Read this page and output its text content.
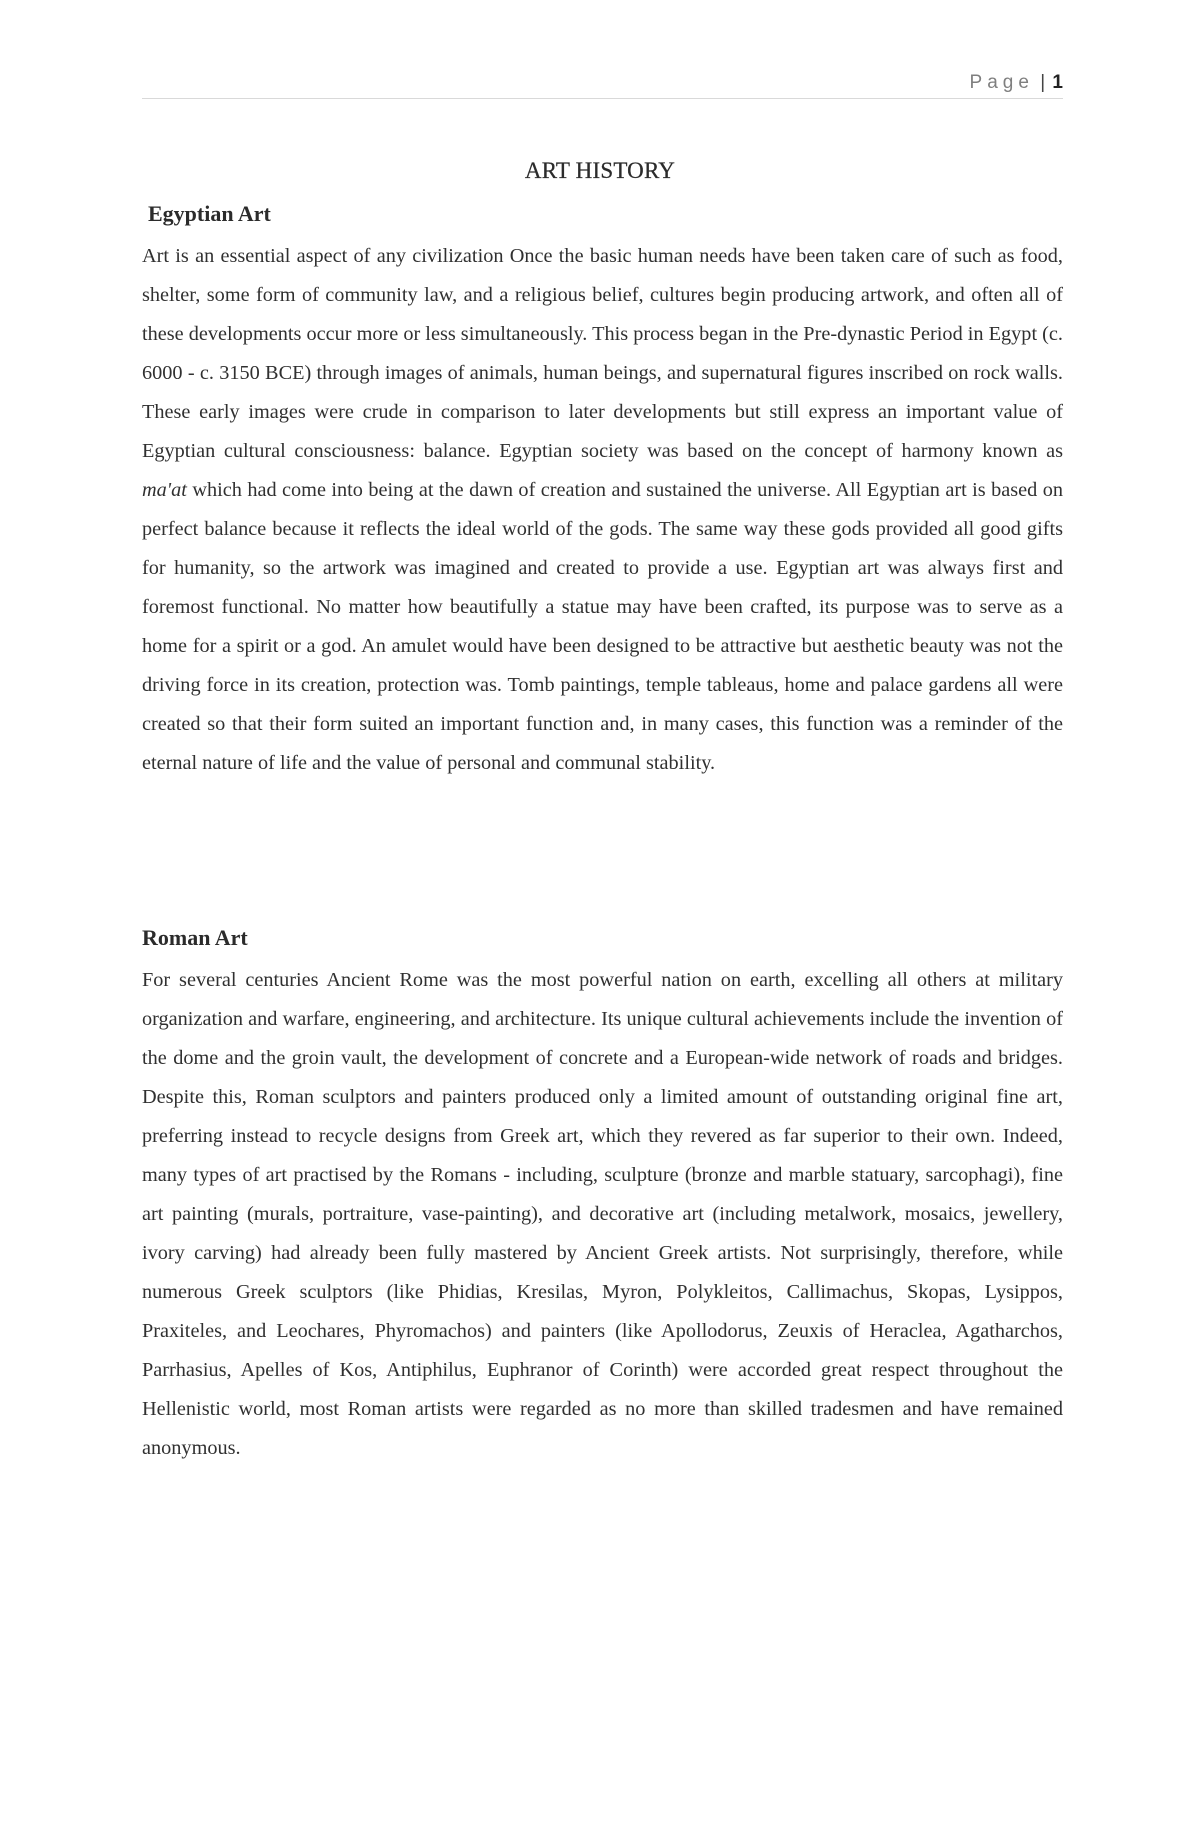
Page | 1
ART HISTORY
Egyptian Art

Art is an essential aspect of any civilization Once the basic human needs have been taken care of such as food, shelter, some form of community law, and a religious belief, cultures begin producing artwork, and often all of these developments occur more or less simultaneously. This process began in the Pre-dynastic Period in Egypt (c. 6000 - c. 3150 BCE) through images of animals, human beings, and supernatural figures inscribed on rock walls. These early images were crude in comparison to later developments but still express an important value of Egyptian cultural consciousness: balance. Egyptian society was based on the concept of harmony known as ma'at which had come into being at the dawn of creation and sustained the universe. All Egyptian art is based on perfect balance because it reflects the ideal world of the gods. The same way these gods provided all good gifts for humanity, so the artwork was imagined and created to provide a use. Egyptian art was always first and foremost functional. No matter how beautifully a statue may have been crafted, its purpose was to serve as a home for a spirit or a god. An amulet would have been designed to be attractive but aesthetic beauty was not the driving force in its creation, protection was. Tomb paintings, temple tableaus, home and palace gardens all were created so that their form suited an important function and, in many cases, this function was a reminder of the eternal nature of life and the value of personal and communal stability.

Roman Art

For several centuries Ancient Rome was the most powerful nation on earth, excelling all others at military organization and warfare, engineering, and architecture. Its unique cultural achievements include the invention of the dome and the groin vault, the development of concrete and a European-wide network of roads and bridges. Despite this, Roman sculptors and painters produced only a limited amount of outstanding original fine art, preferring instead to recycle designs from Greek art, which they revered as far superior to their own. Indeed, many types of art practised by the Romans - including, sculpture (bronze and marble statuary, sarcophagi), fine art painting (murals, portraiture, vase-painting), and decorative art (including metalwork, mosaics, jewellery, ivory carving) had already been fully mastered by Ancient Greek artists. Not surprisingly, therefore, while numerous Greek sculptors (like Phidias, Kresilas, Myron, Polykleitos, Callimachus, Skopas, Lysippos, Praxiteles, and Leochares, Phyromachos) and painters (like Apollodorus, Zeuxis of Heraclea, Agatharchos, Parrhasius, Apelles of Kos, Antiphilus, Euphranor of Corinth) were accorded great respect throughout the Hellenistic world, most Roman artists were regarded as no more than skilled tradesmen and have remained anonymous.
